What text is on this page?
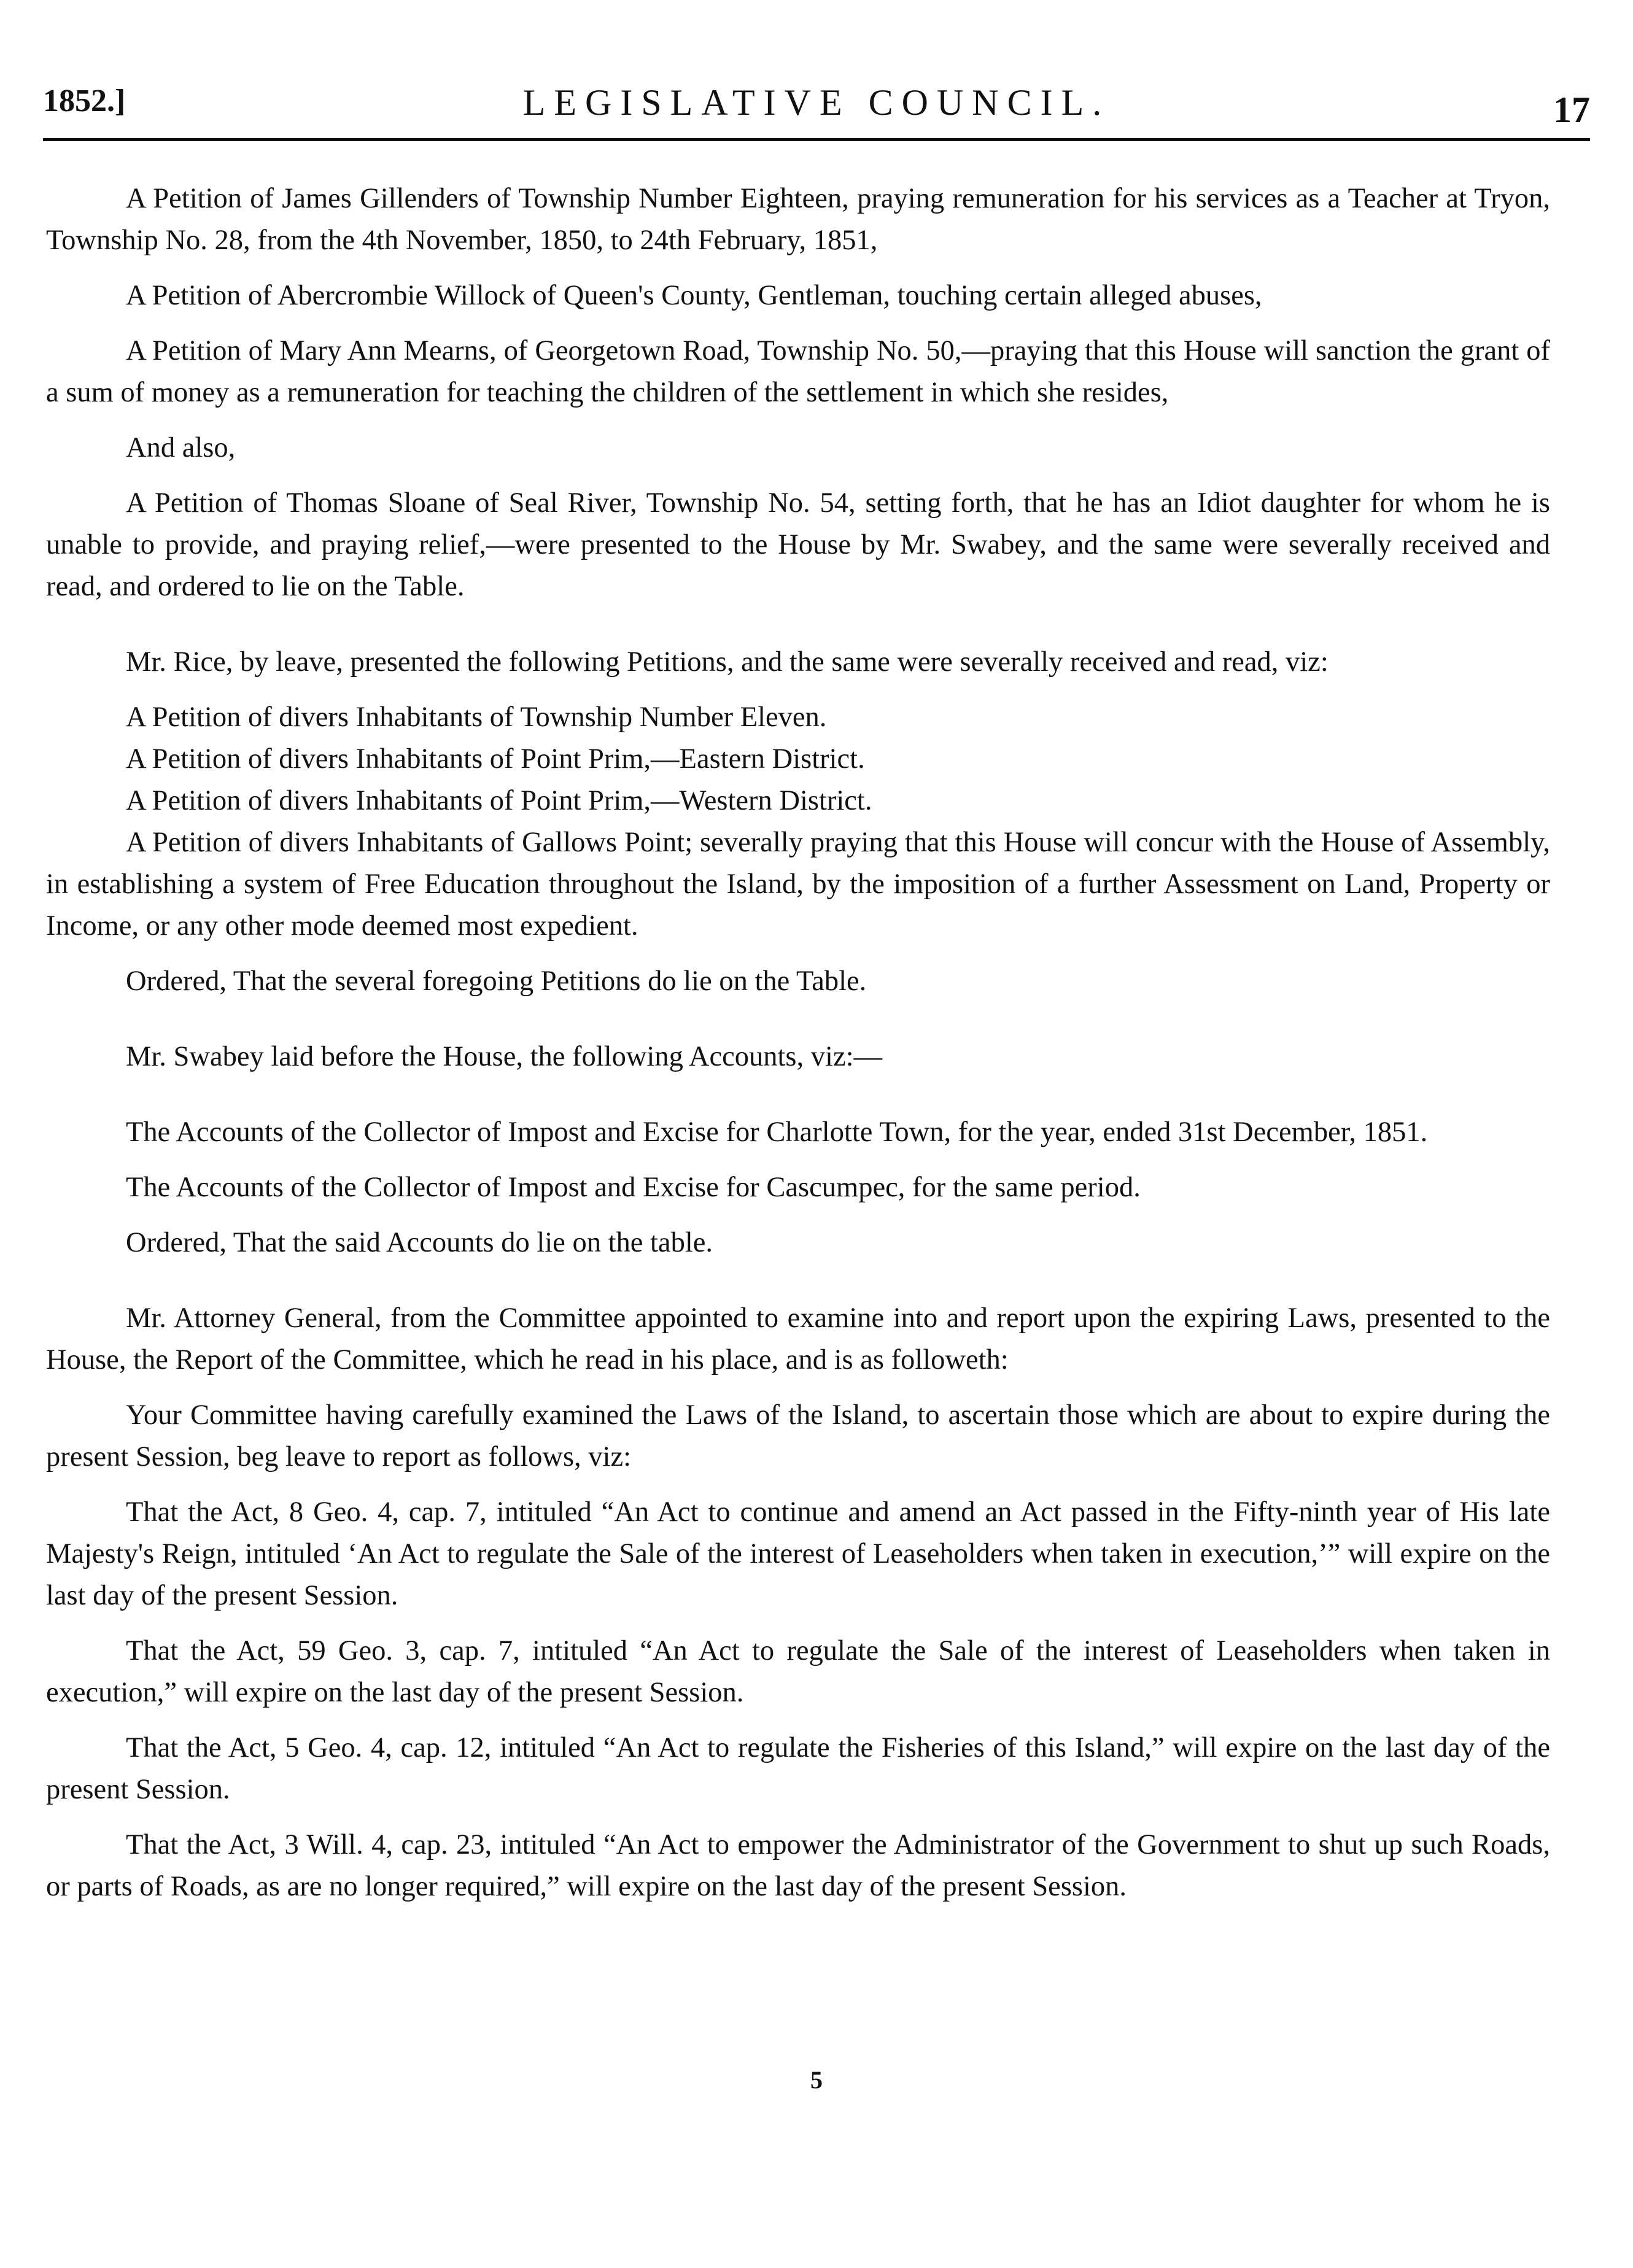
1852.]	LEGISLATIVE COUNCIL.	17

A Petition of James Gillenders of Township Number Eighteen, praying remuneration for his services as a Teacher at Tryon, Township No. 28, from the 4th November, 1850, to 24th February, 1851,

A Petition of Abercrombie Willock of Queen's County, Gentleman, touching certain alleged abuses,

A Petition of Mary Ann Mearns, of Georgetown Road, Township No. 50,—praying that this House will sanction the grant of a sum of money as a remuneration for teaching the children of the settlement in which she resides,

And also,

A Petition of Thomas Sloane of Seal River, Township No. 54, setting forth, that he has an Idiot daughter for whom he is unable to provide, and praying relief,—were presented to the House by Mr. Swabey, and the same were severally received and read, and ordered to lie on the Table.

Mr. Rice, by leave, presented the following Petitions, and the same were severally received and read, viz:

A Petition of divers Inhabitants of Township Number Eleven.

A Petition of divers Inhabitants of Point Prim,—Eastern District.

A Petition of divers Inhabitants of Point Prim,—Western District.

A Petition of divers Inhabitants of Gallows Point; severally praying that this House will concur with the House of Assembly, in establishing a system of Free Education throughout the Island, by the imposition of a further Assessment on Land, Property or Income, or any other mode deemed most expedient.

Ordered, That the several foregoing Petitions do lie on the Table.

Mr. Swabey laid before the House, the following Accounts, viz:—

The Accounts of the Collector of Impost and Excise for Charlotte Town, for the year, ended 31st December, 1851.

The Accounts of the Collector of Impost and Excise for Cascumpec, for the same period.

Ordered, That the said Accounts do lie on the table.

Mr. Attorney General, from the Committee appointed to examine into and report upon the expiring Laws, presented to the House, the Report of the Committee, which he read in his place, and is as followeth:

Your Committee having carefully examined the Laws of the Island, to ascertain those which are about to expire during the present Session, beg leave to report as follows, viz:

That the Act, 8 Geo. 4, cap. 7, intituled “An Act to continue and amend an Act passed in the Fifty-ninth year of His late Majesty's Reign, intituled ‘An Act to regulate the Sale of the interest of Leaseholders when taken in execution,’” will expire on the last day of the present Session.

That the Act, 59 Geo. 3, cap. 7, intituled “An Act to regulate the Sale of the interest of Leaseholders when taken in execution,” will expire on the last day of the present Session.

That the Act, 5 Geo. 4, cap. 12, intituled “An Act to regulate the Fisheries of this Island,” will expire on the last day of the present Session.

That the Act, 3 Will. 4, cap. 23, intituled “An Act to empower the Administrator of the Government to shut up such Roads, or parts of Roads, as are no longer required,” will expire on the last day of the present Session.

5
